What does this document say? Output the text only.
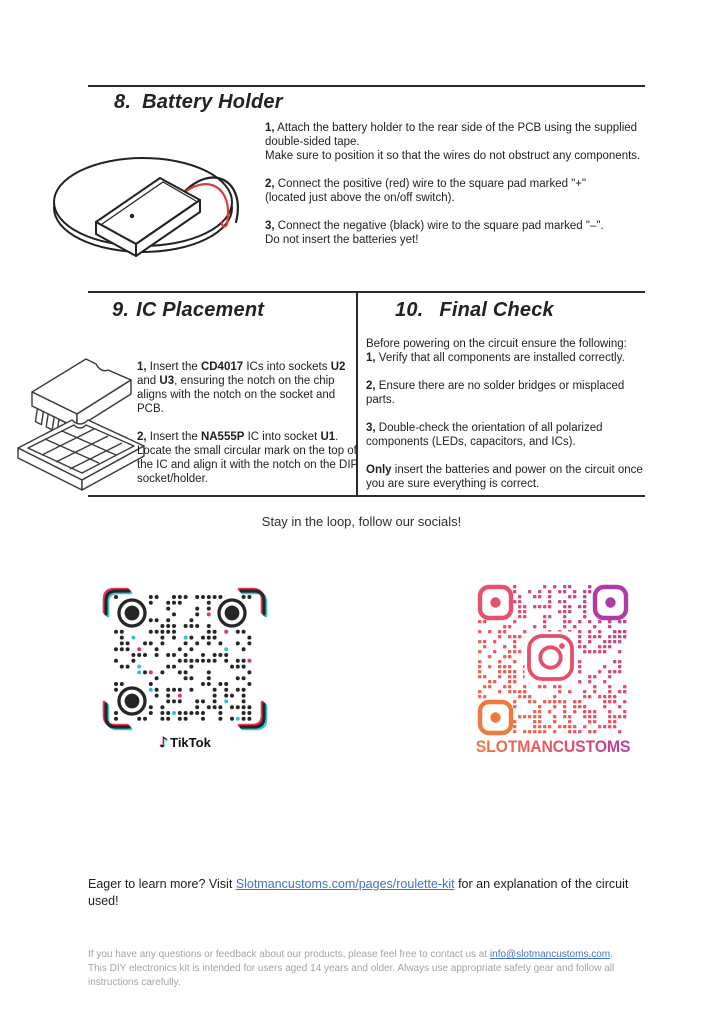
8. Battery Holder

1, Attach the battery holder to the rear side of the PCB using the supplied double-sided tape.

Make sure to position it so that the wires do not obstruct any components.

2, Connect the positive (red) wire to the square pad marked "+"

(located just above the on/off switch).

3, Connect the negative (black) wire to the square pad marked "–".

Do not insert the batteries yet!

9. IC Placement

1, Insert the CD4017 ICs into sockets U2 and U3, ensuring the notch on the chip aligns with the notch on the socket and PCB.

2, Insert the NA555P IC into socket U1. Locate the small circular mark on the top of the IC and align it with the notch on the DIP socket/holder.

10. Final Check

Before powering on the circuit ensure the following:

1, Verify that all components are installed correctly.

2, Ensure there are no solder bridges or misplaced parts.

3, Double-check the orientation of all polarized components (LEDs, capacitors, and ICs).

Only insert the batteries and power on the circuit once you are sure everything is correct.

Stay in the loop, follow our socials!
♪ TikTok	SLOTMANCUSTOMS

Eager to learn more? Visit Slotmancustoms.com/pages/roulette-kit for an explanation of the circuit used!

If you have any questions or feedback about our products, please feel free to contact us at info@slotmancustoms.com.

This DIY electronics kit is intended for users aged 14 years and older. Always use appropriate safety gear and follow all instructions carefully.
